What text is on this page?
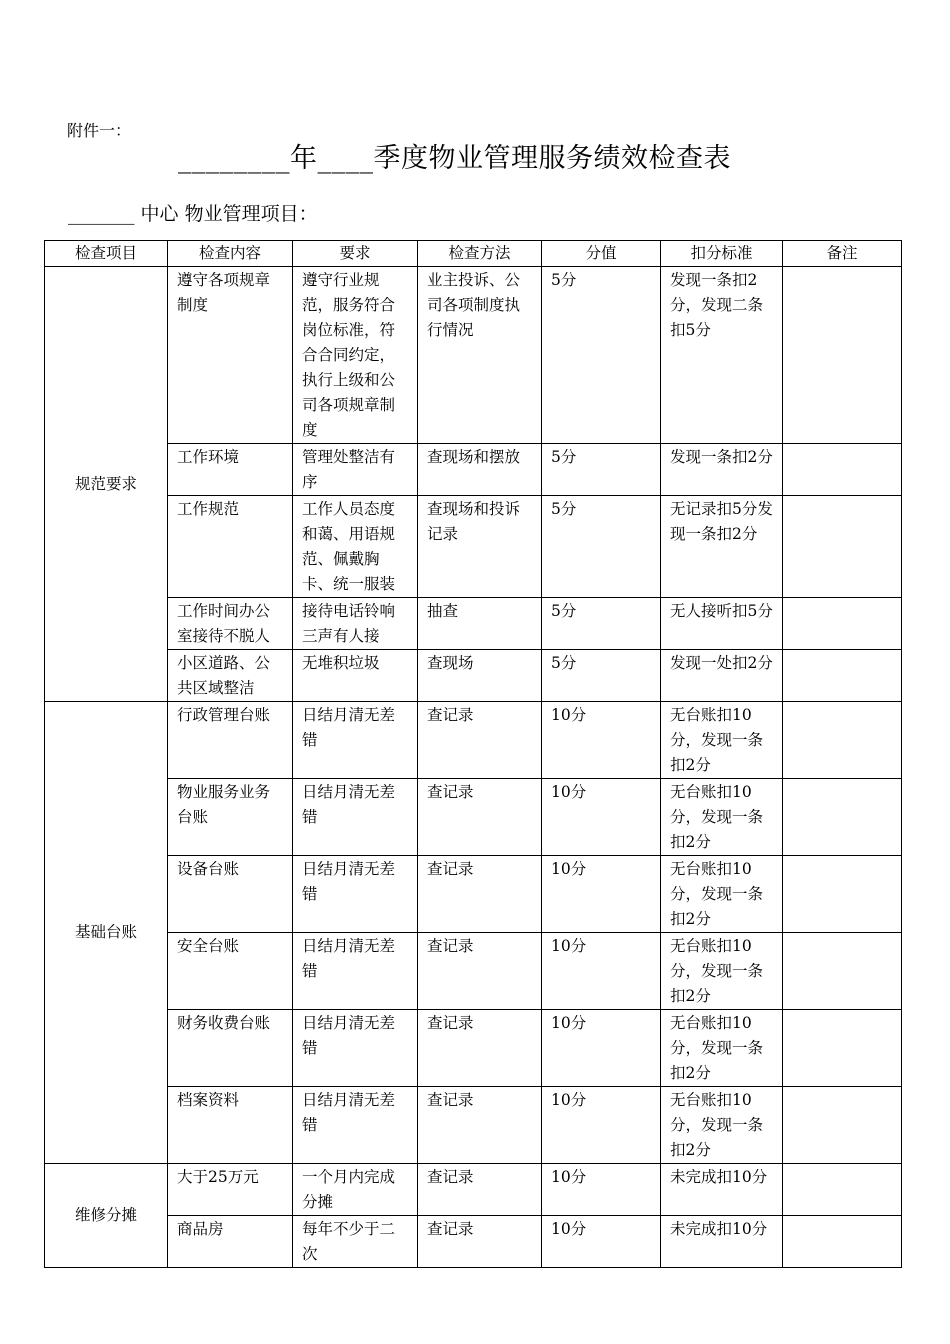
附件一：
________年____季度物业管理服务绩效检查表
_______ 中心 物业管理项目：
检查项目	检查内容	要求	检查方法	分值	扣分标准	备注
规范要求	遵守各项规章制度	遵守行业规范，服务符合岗位标准，符合合同约定，执行上级和公司各项规章制度	业主投诉、公司各项制度执行情况	5分	发现一条扣2分，发现二条扣5分	
	工作环境	管理处整洁有序	查现场和摆放	5分	发现一条扣2分	
	工作规范	工作人员态度和蔼、用语规范、佩戴胸卡、统一服装	查现场和投诉记录	5分	无记录扣5分发现一条扣2分	
	工作时间办公室接待不脱人	接待电话铃响三声有人接	抽查	5分	无人接听扣5分	
	小区道路、公共区域整洁	无堆积垃圾	查现场	5分	发现一处扣2分	
基础台账	行政管理台账	日结月清无差错	查记录	10分	无台账扣10分，发现一条扣2分	
	物业服务业务台账	日结月清无差错	查记录	10分	无台账扣10分，发现一条扣2分	
	设备台账	日结月清无差错	查记录	10分	无台账扣10分，发现一条扣2分	
	安全台账	日结月清无差错	查记录	10分	无台账扣10分，发现一条扣2分	
	财务收费台账	日结月清无差错	查记录	10分	无台账扣10分，发现一条扣2分	
	档案资料	日结月清无差错	查记录	10分	无台账扣10分，发现一条扣2分	
维修分摊	大于25万元	一个月内完成分摊	查记录	10分	未完成扣10分	
	商品房	每年不少于二次	查记录	10分	未完成扣10分	
